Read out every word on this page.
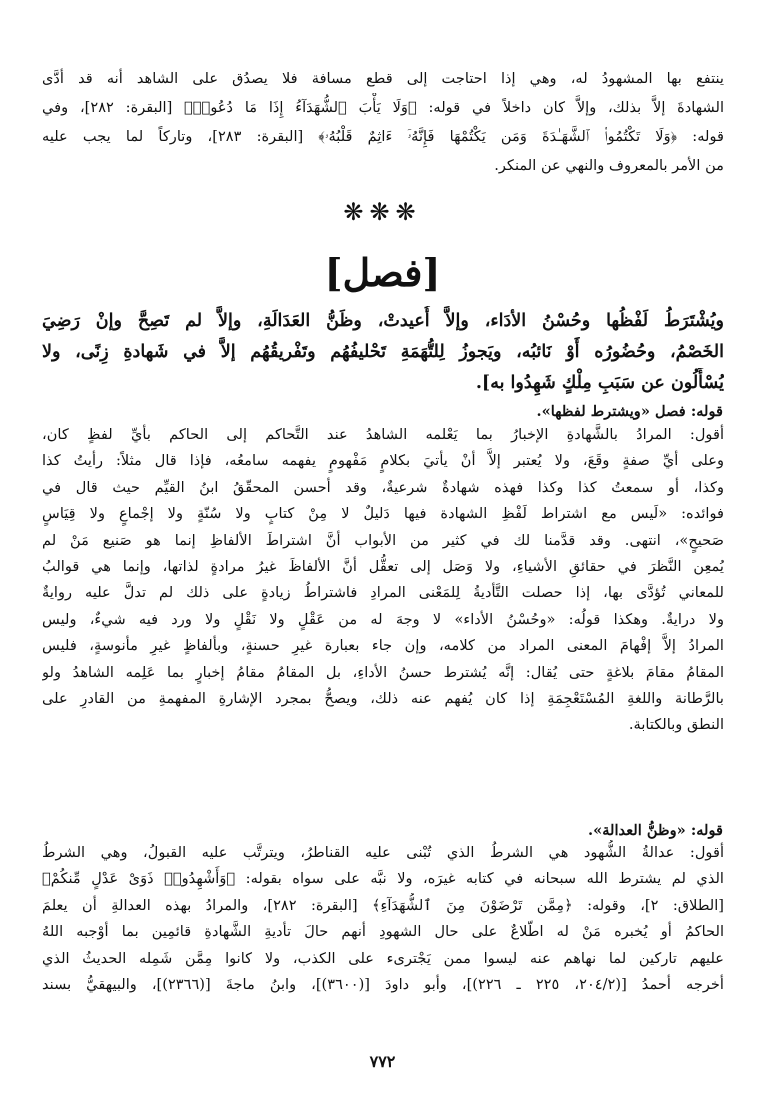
ينتفع بها المشهودُ له، وهي إذا احتاجت إلى قطع مسافة فلا يصدُق على الشاهد أنه قد أدَّى
الشهادةَ إلاَّ بذلك، وإلاَّ كان داخلاً في قوله: ﴿وَلَا يَأْبَ ٱلشُّهَدَآءُ إِذَا مَا دُعُوا۟﴾ [البقرة: ٢٨٢]، وفي
قوله: ﴿وَلَا تَكْتُمُوا۟ ٱلشَّهَـٰدَةَ وَمَن يَكْتُمْهَا فَإِنَّهُۥٓ ءَاثِمٌ قَلْبُهُۥ﴾ [البقرة: ٢٨٣]، وتاركاً لما يجب عليه
من الأمر بالمعروف والنهي عن المنكر.
❋❋❋
[فصل]
ويُشْتَرَطُ لَفْظُها وحُسْنُ الأدَاء، وإلاَّ أُعيدتْ، وظَنُّ العَدَالَةِ، وإلاَّ لم تَصِحَّ وإنْ رَضِيَ
الخَصْمُ، وحُضُورُه أَوْ نَائبُه، ويَجوزُ لِلتُّهَمَةِ تَحْليفُهُم وتَفْريقُهُم إلاَّ في شَهادةِ زِنًى، ولا
يُسْأَلُون عن سَبَبِ مِلْكٍ شَهِدُوا به].
قوله: فصل «ويشترط لفظها».
أقول: المرادُ بالشَّهادةِ الإخبارُ بما يَعْلمه الشاهدُ عند التَّحاكم إلى الحاكم بأيِّ لفظٍ كان،
وعلى أيِّ صفةٍ وقَعَ، ولا يُعتبر إلاَّ أنْ يأتيَ بكلامٍ مَفْهومٍ يفهمه سامعُه، فإذا قال مثلاً: رأيتُ كذا
وكذا، أو سمعتُ كذا وكذا فهذه شهادةٌ شرعيةٌ، وقد أحسن المحقّقُ ابنُ القيِّم حيث قال في
فوائده: «لَيس مع اشتراط لَفْظِ الشهادة فيها دَليلٌ لا مِنْ كتابٍ ولا سُنّةٍ ولا إجْماعٍ ولا قِيَاسٍ
صَحيحٍ»، انتهى. وقد قدَّمنا لك في كثير من الأبواب أنَّ اشتراطَ الألفاظِ إنما هو صَنيع مَنْ لم
يُمعِن النَّظرَ في حقائقِ الأشياءِ، ولا وَصَل إلى تعقُّل أنَّ الألفاظَ غيرُ مرادةٍ لذاتها، وإنما هي قوالبُ
للمعاني تُؤدَّى بها، إذا حصلت التَّأديةُ لِلمَعْنى المرادِ فاشتراطُ زيادةٍ على ذلك لم تدلَّ عليه روايةٌ
ولا درايةٌ. وهكذا قولُه: «وحُسْنُ الأداء» لا وجهَ له من عَقْلٍ ولا نَقْلٍ ولا ورد فيه شيءٌ، وليس
المرادُ إلاَّ إفْهامَ المعنى المراد من كلامه، وإن جاء بعبارة غيرِ حسنةٍ، وبألفاظٍ غيرِ مأنوسةٍ، فليس
المقامُ مقامَ بلاغةٍ حتى يُقال: إنَّه يُشترط حسنُ الأداءِ، بل المقامُ مقامُ إخبارٍ بما عَلِمه الشاهدُ ولو
بالرَّطانة واللغةِ المُسْتَعْجِمَةِ إذا كان يُفهم عنه ذلك، ويصحُّ بمجرد الإشارةِ المفهمةِ من القادرِ على
النطق وبالكتابة.
قوله: «وظنُّ العدالة».
أقول: عدالةُ الشُّهود هي الشرطُ الذي تُبْنى عليه القناطرُ، ويترتَّب عليه القبولُ، وهي الشرطُ
الذي لم يشترط الله سبحانه في كتابه غيرَه، ولا نبَّه على سواه بقوله: ﴿وَأَشْهِدُوا۟ ذَوَىْ عَدْلٍ مِّنكُمْ﴾
[الطلاق: ٢]، وقوله: ﴿مِمَّن تَرْضَوْنَ مِنَ ٱلشُّهَدَآءِ﴾ [البقرة: ٢٨٢]، والمرادُ بهذه العدالةِ أن يعلمَ
الحاكمُ أو يُخبره مَنْ له اطّلاعٌ على حال الشهودِ أنهم حالَ تأديةِ الشَّهادةِ قائمِين بما أوْجبه اللهُ
عليهم تاركين لما نهاهم عنه ليسوا ممن يَجْترىء على الكذب، ولا كانوا مِمَّن شَمِله الحديثُ الذي
أخرجه أحمدُ [(٢٠٤/٢، ٢٢٥ ـ ٢٢٦)]، وأبو داودَ [(٣٦٠٠)]، وابنُ ماجةَ [(٢٣٦٦)]، والبيهقيُّ بسند
٧٧٢
